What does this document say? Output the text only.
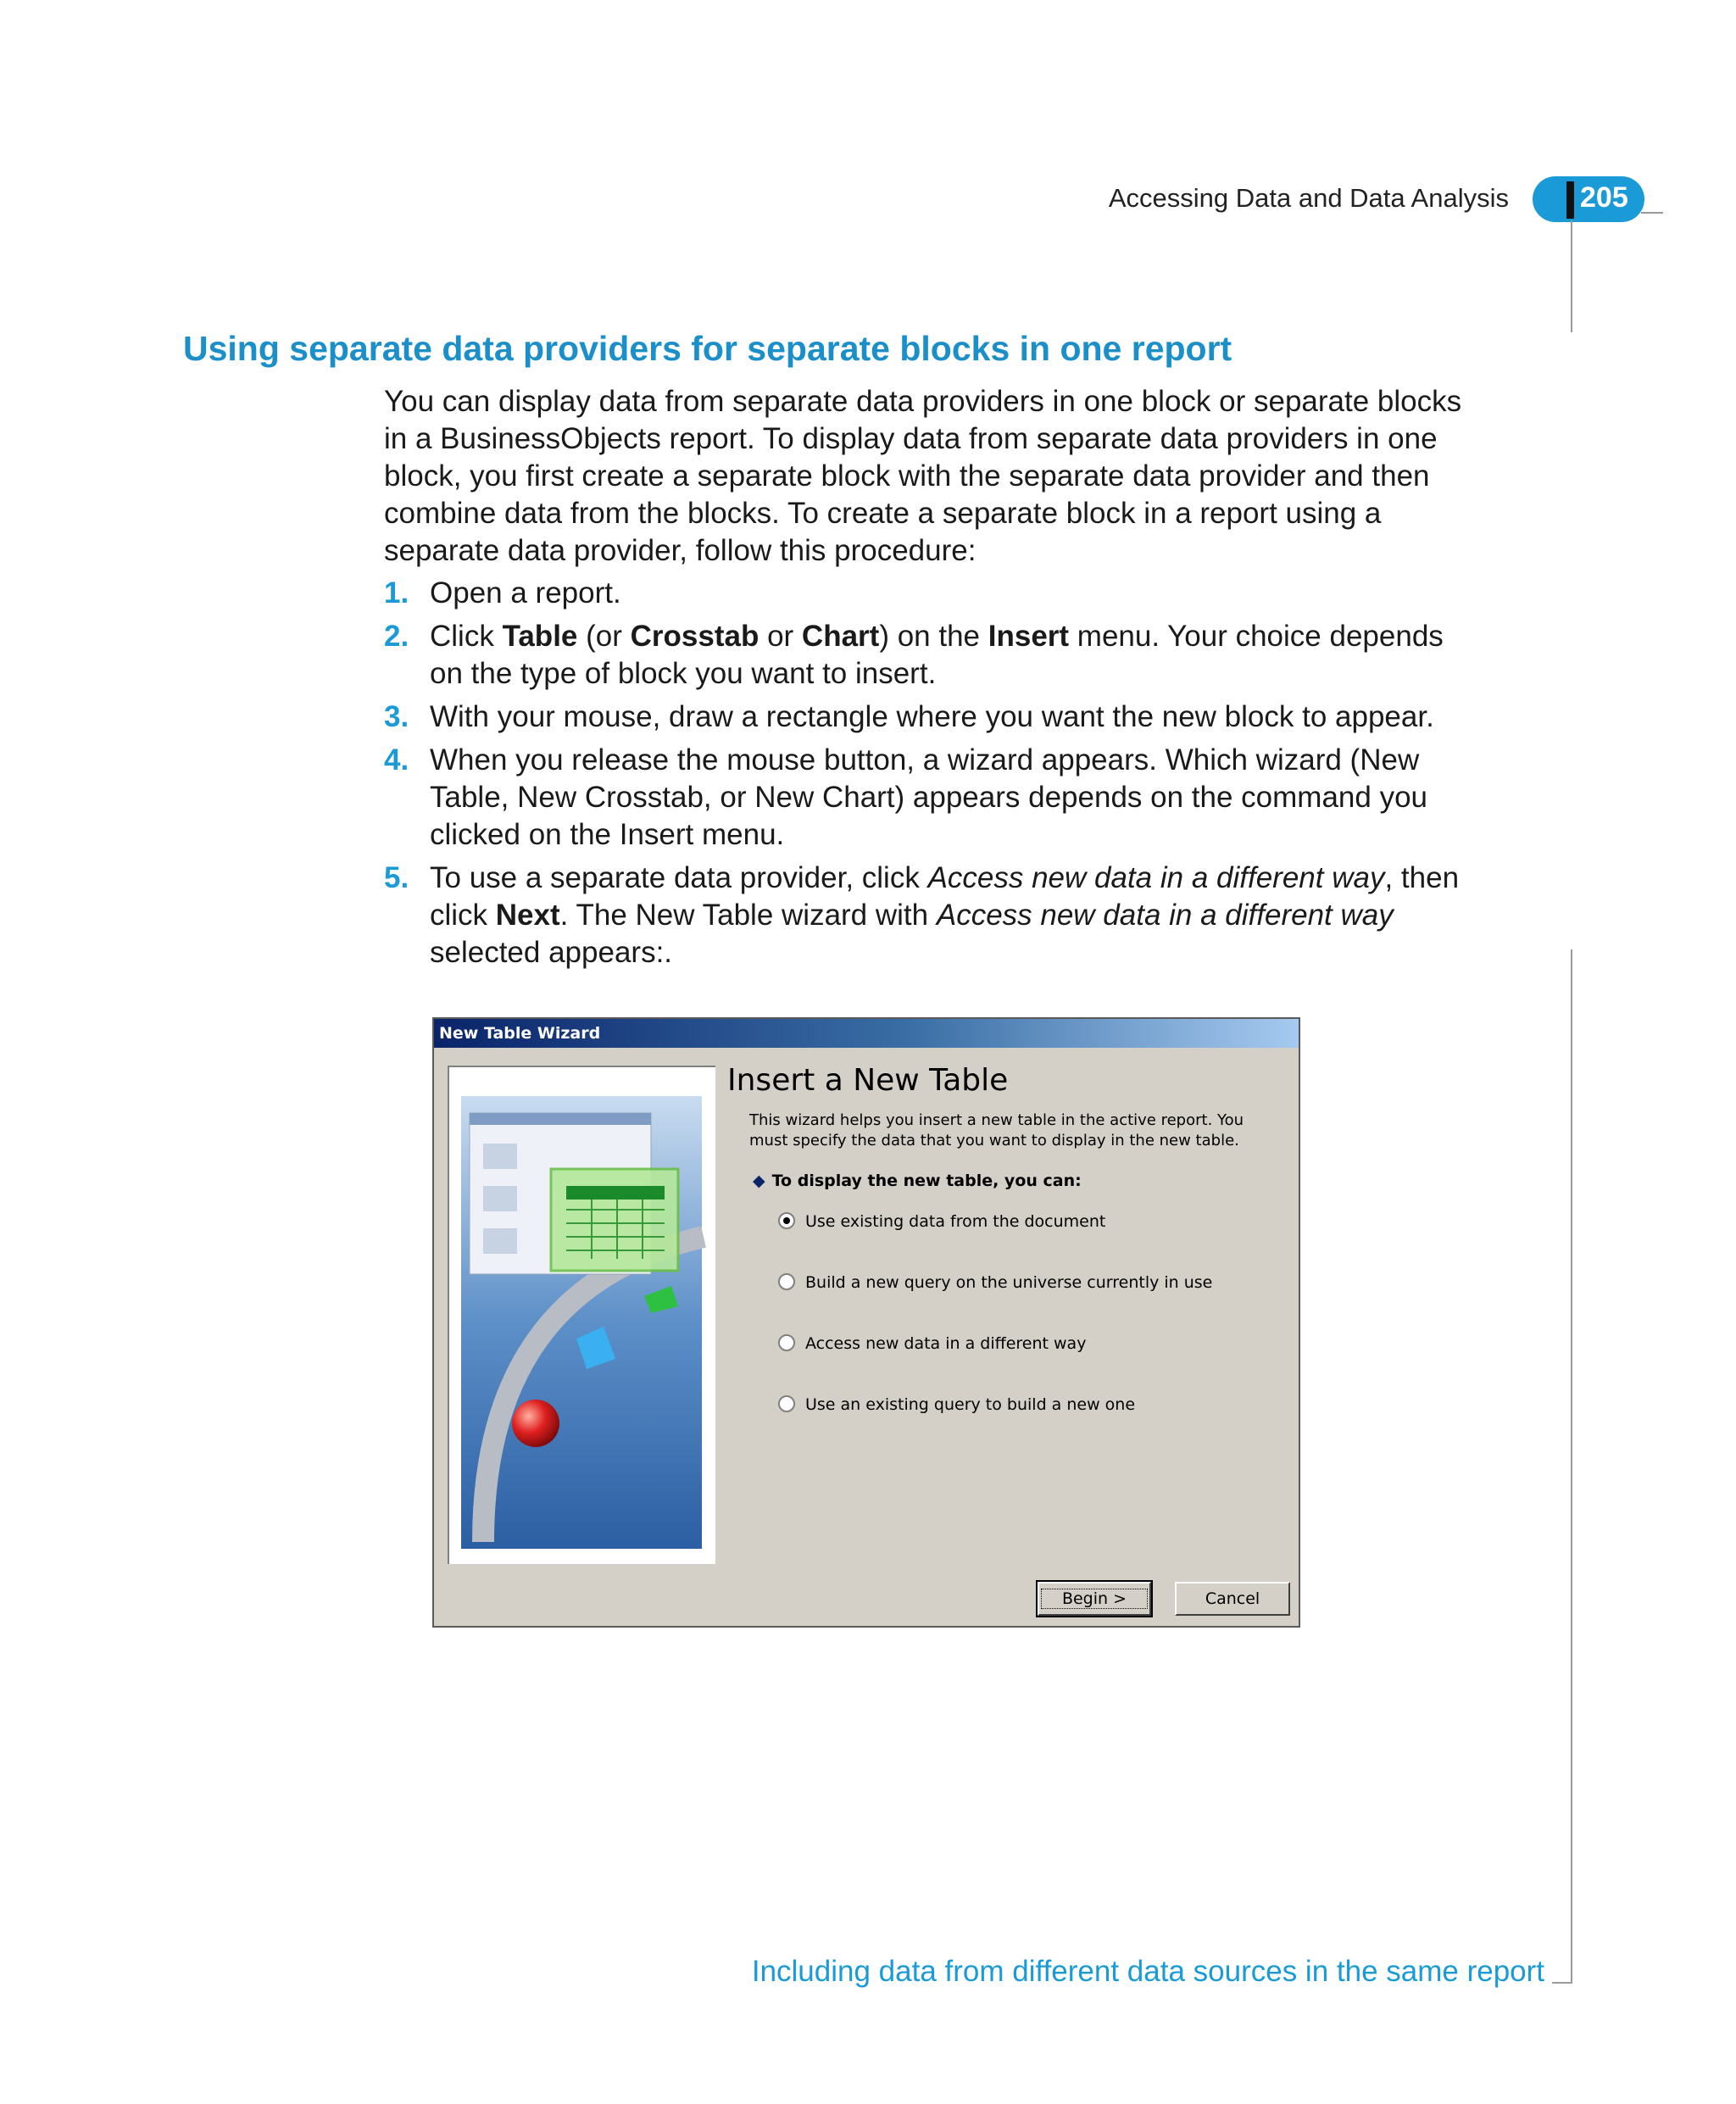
Accessing Data and Data Analysis 205
Using separate data providers for separate blocks in one report

You can display data from separate data providers in one block or separate blocks in a BusinessObjects report. To display data from separate data providers in one block, you first create a separate block with the separate data provider and then combine data from the blocks. To create a separate block in a report using a separate data provider, follow this procedure:

1. Open a report.
2. Click Table (or Crosstab or Chart) on the Insert menu. Your choice depends on the type of block you want to insert.
3. With your mouse, draw a rectangle where you want the new block to appear.
4. When you release the mouse button, a wizard appears. Which wizard (New Table, New Crosstab, or New Chart) appears depends on the command you clicked on the Insert menu.
5. To use a separate data provider, click Access new data in a different way, then click Next. The New Table wizard with Access new data in a different way selected appears:.
New Table Wizard
Insert a New Table
This wizard helps you insert a new table in the active report. You must specify the data that you want to display in the new table.
◆ To display the new table, you can:
Use existing data from the document
Build a new query on the universe currently in use
Access new data in a different way
Use an existing query to build a new one
Begin >	Cancel
Including data from different data sources in the same report
